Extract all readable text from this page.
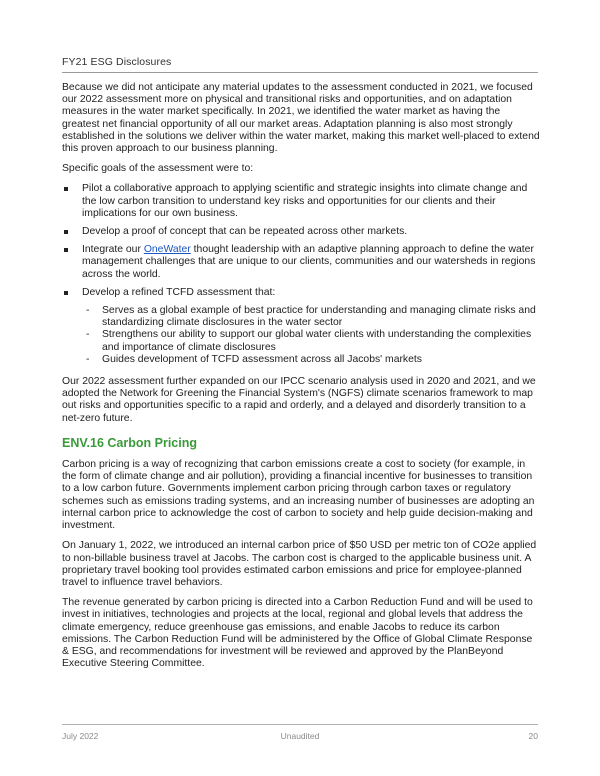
FY21 ESG Disclosures

Because we did not anticipate any material updates to the assessment conducted in 2021, we focused our 2022 assessment more on physical and transitional risks and opportunities, and on adaptation measures in the water market specifically. In 2021, we identified the water market as having the greatest net financial opportunity of all our market areas. Adaptation planning is also most strongly established in the solutions we deliver within the water market, making this market well-placed to extend this proven approach to our business planning.

Specific goals of the assessment were to:

Pilot a collaborative approach to applying scientific and strategic insights into climate change and the low carbon transition to understand key risks and opportunities for our clients and their implications for our own business.
Develop a proof of concept that can be repeated across other markets.
Integrate our OneWater thought leadership with an adaptive planning approach to define the water management challenges that are unique to our clients, communities and our watersheds in regions across the world.
Develop a refined TCFD assessment that:
- Serves as a global example of best practice for understanding and managing climate risks and standardizing climate disclosures in the water sector
- Strengthens our ability to support our global water clients with understanding the complexities and importance of climate disclosures
- Guides development of TCFD assessment across all Jacobs' markets

Our 2022 assessment further expanded on our IPCC scenario analysis used in 2020 and 2021, and we adopted the Network for Greening the Financial System's (NGFS) climate scenarios framework to map out risks and opportunities specific to a rapid and orderly, and a delayed and disorderly transition to a net-zero future.

ENV.16 Carbon Pricing

Carbon pricing is a way of recognizing that carbon emissions create a cost to society (for example, in the form of climate change and air pollution), providing a financial incentive for businesses to transition to a low carbon future. Governments implement carbon pricing through carbon taxes or regulatory schemes such as emissions trading systems, and an increasing number of businesses are adopting an internal carbon price to acknowledge the cost of carbon to society and help guide decision-making and investment.

On January 1, 2022, we introduced an internal carbon price of $50 USD per metric ton of CO2e applied to non-billable business travel at Jacobs. The carbon cost is charged to the applicable business unit. A proprietary travel booking tool provides estimated carbon emissions and price for employee-planned travel to influence travel behaviors.

The revenue generated by carbon pricing is directed into a Carbon Reduction Fund and will be used to invest in initiatives, technologies and projects at the local, regional and global levels that address the climate emergency, reduce greenhouse gas emissions, and enable Jacobs to reduce its carbon emissions. The Carbon Reduction Fund will be administered by the Office of Global Climate Response & ESG, and recommendations for investment will be reviewed and approved by the PlanBeyond Executive Steering Committee.

July 2022	Unaudited	20
